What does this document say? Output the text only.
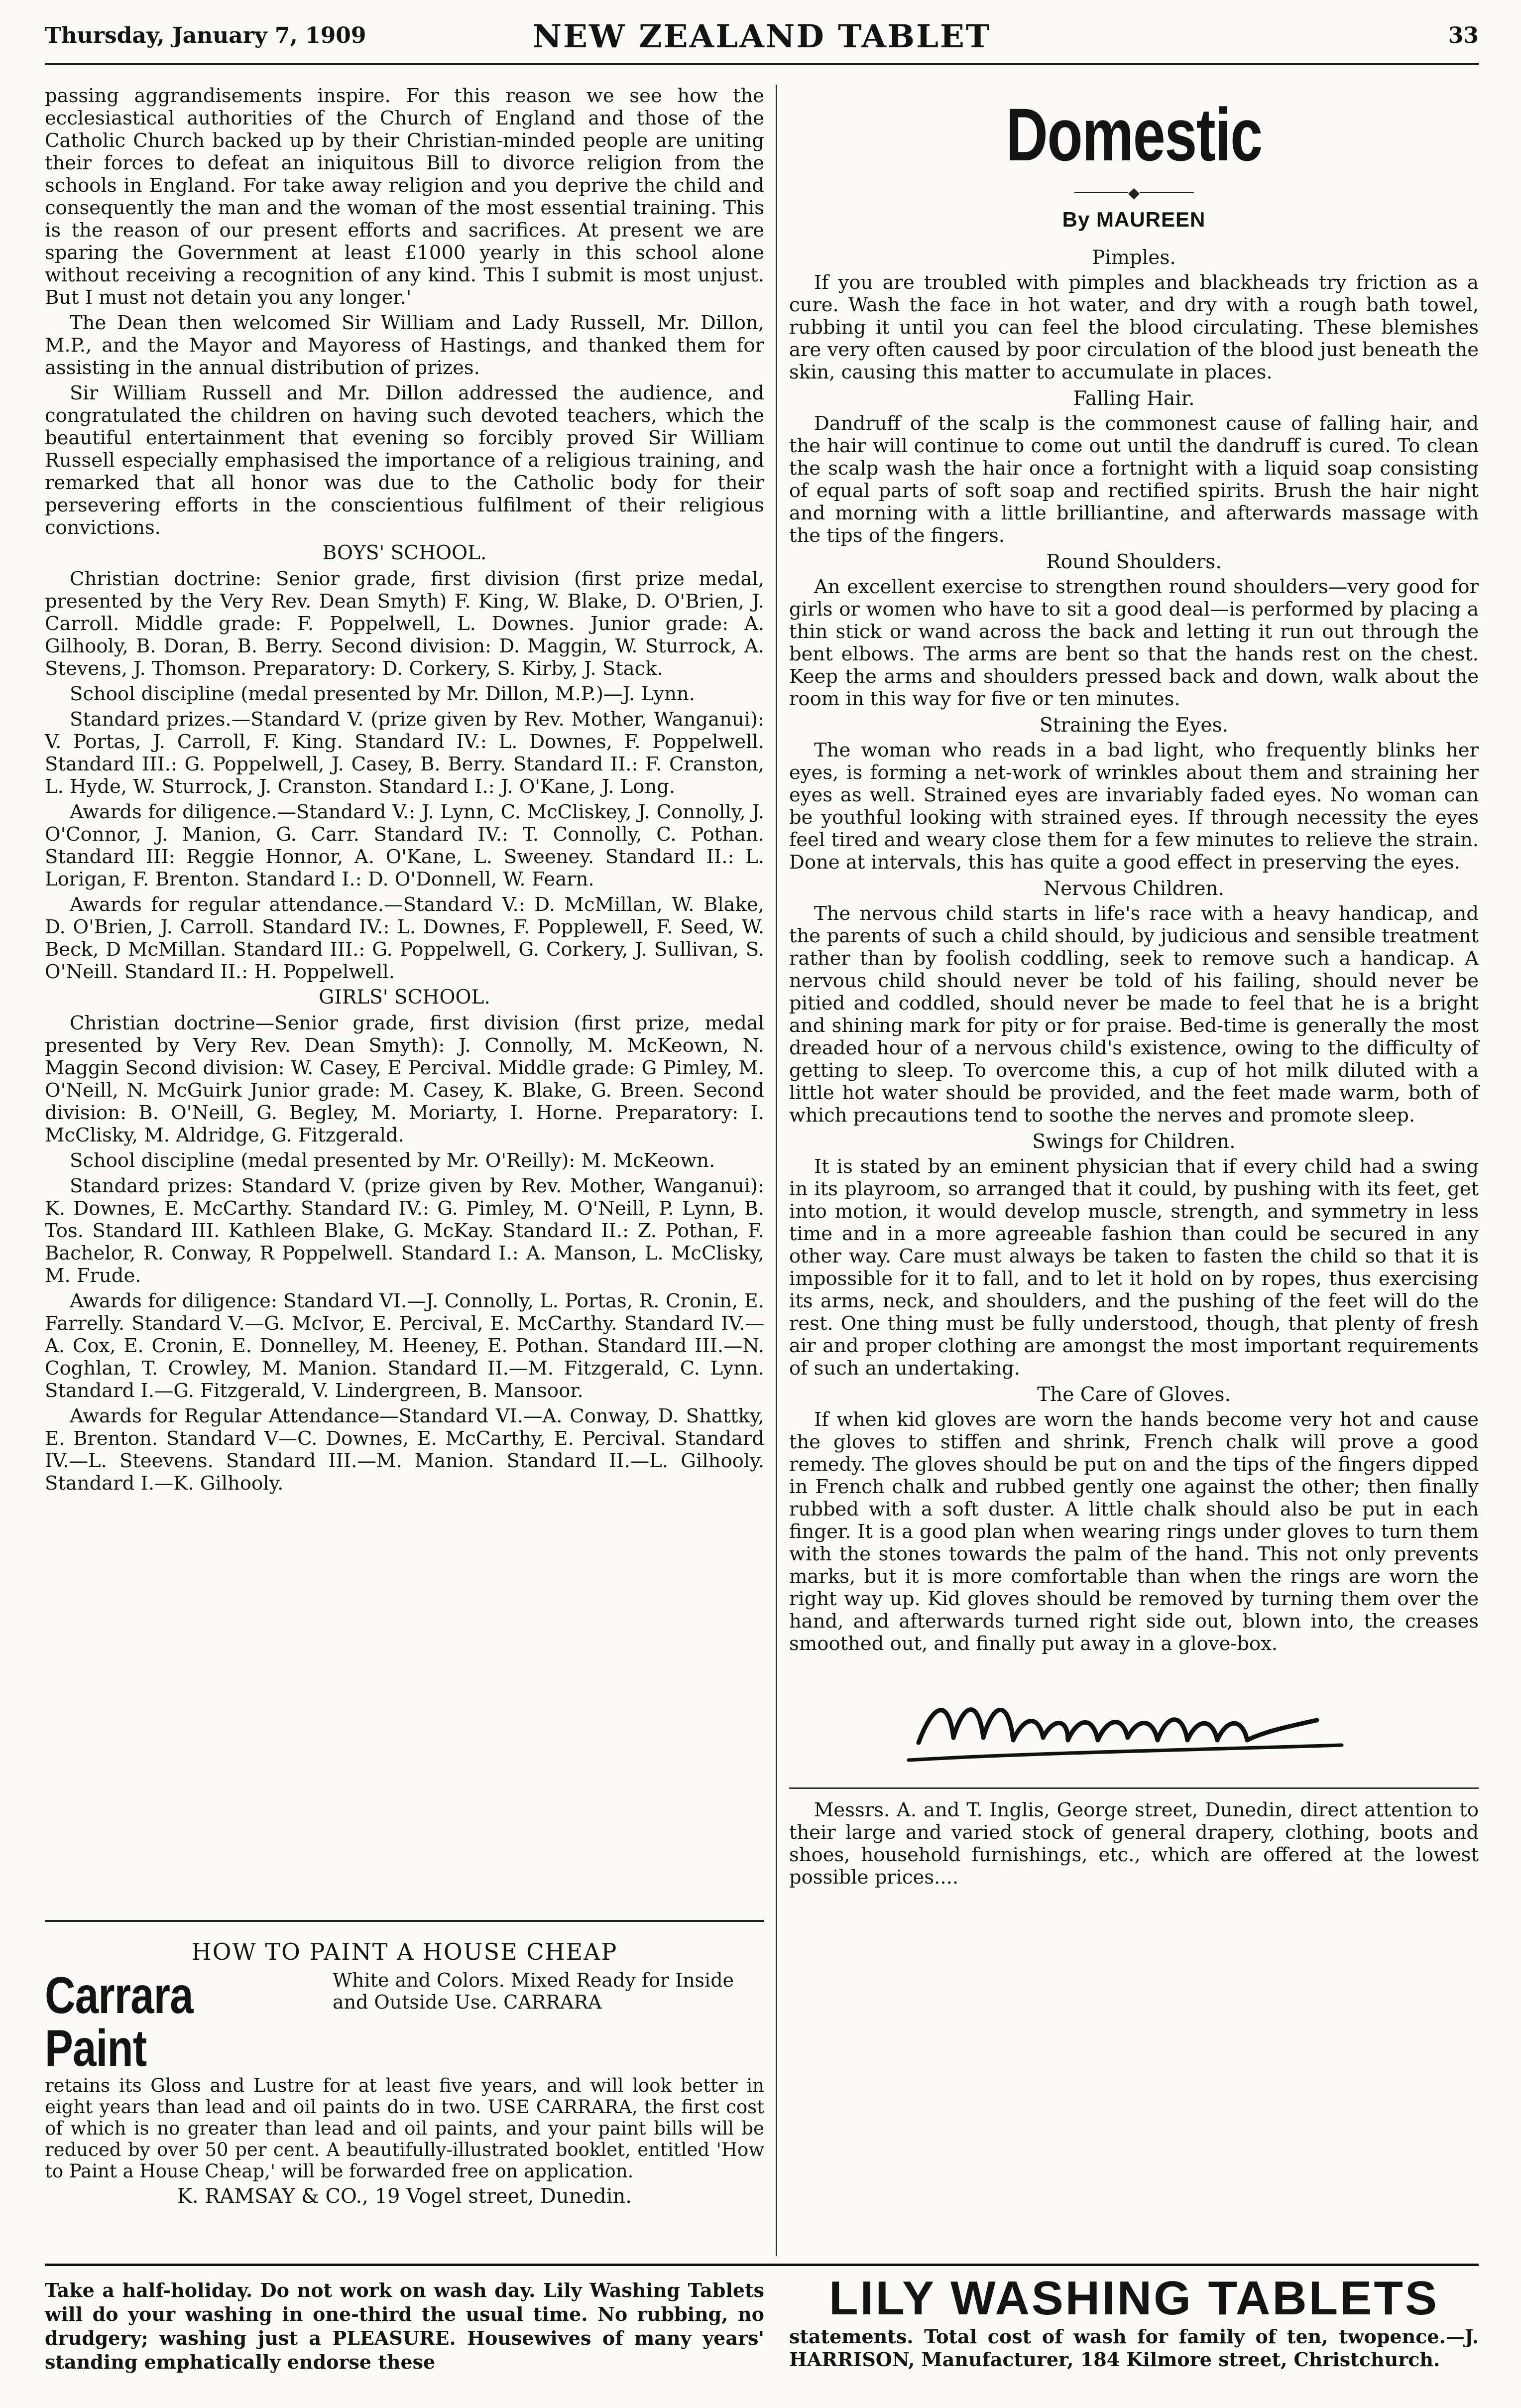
Thursday, January 7, 1909	NEW ZEALAND TABLET	33

passing aggrandisements inspire. For this reason we see how the ecclesiastical authorities of the Church of England and those of the Catholic Church backed up by their Christian-minded people are uniting their forces to defeat an iniquitous Bill to divorce religion from the schools in England. For take away religion and you deprive the child and consequently the man and the woman of the most essential training. This is the reason of our present efforts and sacrifices. At present we are sparing the Government at least £1000 yearly in this school alone without receiving a recognition of any kind. This I submit is most unjust. But I must not detain you any longer.'

The Dean then welcomed Sir William and Lady Russell, Mr. Dillon, M.P., and the Mayor and Mayoress of Hastings, and thanked them for assisting in the annual distribution of prizes.

Sir William Russell and Mr. Dillon addressed the audience, and congratulated the children on having such devoted teachers, which the beautiful entertainment that evening so forcibly proved Sir William Russell especially emphasised the importance of a religious training, and remarked that all honor was due to the Catholic body for their persevering efforts in the conscientious fulfilment of their religious convictions.

BOYS' SCHOOL.

Christian doctrine: Senior grade, first division (first prize medal, presented by the Very Rev. Dean Smyth) F. King, W. Blake, D. O'Brien, J. Carroll. Middle grade: F. Poppelwell, L. Downes. Junior grade: A. Gilhooly, B. Doran, B. Berry. Second division: D. Maggin, W. Sturrock, A. Stevens, J. Thomson. Preparatory: D. Corkery, S. Kirby, J. Stack.

School discipline (medal presented by Mr. Dillon, M.P.)—J. Lynn.

Standard prizes.—Standard V. (prize given by Rev. Mother, Wanganui): V. Portas, J. Carroll, F. King. Standard IV.: L. Downes, F. Poppelwell. Standard III.: G. Poppelwell, J. Casey, B. Berry. Standard II.: F. Cranston, L. Hyde, W. Sturrock, J. Cranston. Standard I.: J. O'Kane, J. Long.

Awards for diligence.—Standard V.: J. Lynn, C. McCliskey, J. Connolly, J. O'Connor, J. Manion, G. Carr. Standard IV.: T. Connolly, C. Pothan. Standard III: Reggie Honnor, A. O'Kane, L. Sweeney. Standard II.: L. Lorigan, F. Brenton. Standard I.: D. O'Donnell, W. Fearn.

Awards for regular attendance.—Standard V.: D. McMillan, W. Blake, D. O'Brien, J. Carroll. Standard IV.: L. Downes, F. Popplewell, F. Seed, W. Beck, D McMillan. Standard III.: G. Poppelwell, G. Corkery, J. Sullivan, S. O'Neill. Standard II.: H. Poppelwell.

GIRLS' SCHOOL.

Christian doctrine—Senior grade, first division (first prize, medal presented by Very Rev. Dean Smyth): J. Connolly, M. McKeown, N. Maggin Second division: W. Casey, E Percival. Middle grade: G Pimley, M. O'Neill, N. McGuirk Junior grade: M. Casey, K. Blake, G. Breen. Second division: B. O'Neill, G. Begley, M. Moriarty, I. Horne. Preparatory: I. McClisky, M. Aldridge, G. Fitzgerald.

School discipline (medal presented by Mr. O'Reilly): M. McKeown.

Standard prizes: Standard V. (prize given by Rev. Mother, Wanganui): K. Downes, E. McCarthy. Standard IV.: G. Pimley, M. O'Neill, P. Lynn, B. Tos. Standard III. Kathleen Blake, G. McKay. Standard II.: Z. Pothan, F. Bachelor, R. Conway, R Poppelwell. Standard I.: A. Manson, L. McClisky, M. Frude.

Awards for diligence: Standard VI.—J. Connolly, L. Portas, R. Cronin, E. Farrelly. Standard V.—G. McIvor, E. Percival, E. McCarthy. Standard IV.—A. Cox, E. Cronin, E. Donnelley, M. Heeney, E. Pothan. Standard III.—N. Coghlan, T. Crowley, M. Manion. Standard II.—M. Fitzgerald, C. Lynn. Standard I.—G. Fitzgerald, V. Lindergreen, B. Mansoor.

Awards for Regular Attendance—Standard VI.—A. Conway, D. Shattky, E. Brenton. Standard V—C. Downes, E. McCarthy, E. Percival. Standard IV.—L. Steevens. Standard III.—M. Manion. Standard II.—L. Gilhooly. Standard I.—K. Gilhooly.

HOW TO PAINT A HOUSE CHEAP
Carrara Paint
White and Colors. Mixed Ready for Inside and Outside Use. CARRARA

retains its Gloss and Lustre for at least five years, and will look better in eight years than lead and oil paints do in two. USE CARRARA, the first cost of which is no greater than lead and oil paints, and your paint bills will be reduced by over 50 per cent. A beautifully-illustrated booklet, entitled 'How to Paint a House Cheap,' will be forwarded free on application.

K. RAMSAY & CO., 19 Vogel street, Dunedin.
Domestic
──────◆──────
By MAUREEN
Pimples.

If you are troubled with pimples and blackheads try friction as a cure. Wash the face in hot water, and dry with a rough bath towel, rubbing it until you can feel the blood circulating. These blemishes are very often caused by poor circulation of the blood just beneath the skin, causing this matter to accumulate in places.

Falling Hair.

Dandruff of the scalp is the commonest cause of falling hair, and the hair will continue to come out until the dandruff is cured. To clean the scalp wash the hair once a fortnight with a liquid soap consisting of equal parts of soft soap and rectified spirits. Brush the hair night and morning with a little brilliantine, and afterwards massage with the tips of the fingers.

Round Shoulders.

An excellent exercise to strengthen round shoulders—very good for girls or women who have to sit a good deal—is performed by placing a thin stick or wand across the back and letting it run out through the bent elbows. The arms are bent so that the hands rest on the chest. Keep the arms and shoulders pressed back and down, walk about the room in this way for five or ten minutes.

Straining the Eyes.

The woman who reads in a bad light, who frequently blinks her eyes, is forming a net-work of wrinkles about them and straining her eyes as well. Strained eyes are invariably faded eyes. No woman can be youthful looking with strained eyes. If through necessity the eyes feel tired and weary close them for a few minutes to relieve the strain. Done at intervals, this has quite a good effect in preserving the eyes.

Nervous Children.

The nervous child starts in life's race with a heavy handicap, and the parents of such a child should, by judicious and sensible treatment rather than by foolish coddling, seek to remove such a handicap. A nervous child should never be told of his failing, should never be pitied and coddled, should never be made to feel that he is a bright and shining mark for pity or for praise. Bed-time is generally the most dreaded hour of a nervous child's existence, owing to the difficulty of getting to sleep. To overcome this, a cup of hot milk diluted with a little hot water should be provided, and the feet made warm, both of which precautions tend to soothe the nerves and promote sleep.

Swings for Children.

It is stated by an eminent physician that if every child had a swing in its playroom, so arranged that it could, by pushing with its feet, get into motion, it would develop muscle, strength, and symmetry in less time and in a more agreeable fashion than could be secured in any other way. Care must always be taken to fasten the child so that it is impossible for it to fall, and to let it hold on by ropes, thus exercising its arms, neck, and shoulders, and the pushing of the feet will do the rest. One thing must be fully understood, though, that plenty of fresh air and proper clothing are amongst the most important requirements of such an undertaking.

The Care of Gloves.

If when kid gloves are worn the hands become very hot and cause the gloves to stiffen and shrink, French chalk will prove a good remedy. The gloves should be put on and the tips of the fingers dipped in French chalk and rubbed gently one against the other; then finally rubbed with a soft duster. A little chalk should also be put in each finger. It is a good plan when wearing rings under gloves to turn them with the stones towards the palm of the hand. This not only prevents marks, but it is more comfortable than when the rings are worn the right way up. Kid gloves should be removed by turning them over the hand, and afterwards turned right side out, blown into, the creases smoothed out, and finally put away in a glove-box.

Messrs. A. and T. Inglis, George street, Dunedin, direct attention to their large and varied stock of general drapery, clothing, boots and shoes, household furnishings, etc., which are offered at the lowest possible prices....

Take a half-holiday. Do not work on wash day. Lily Washing Tablets will do your washing in one-third the usual time. No rubbing, no drudgery; washing just a PLEASURE. Housewives of many years' standing emphatically endorse these

LILY WASHING TABLETS

statements. Total cost of wash for family of ten, twopence.—J. HARRISON, Manufacturer, 184 Kilmore street, Christchurch.
